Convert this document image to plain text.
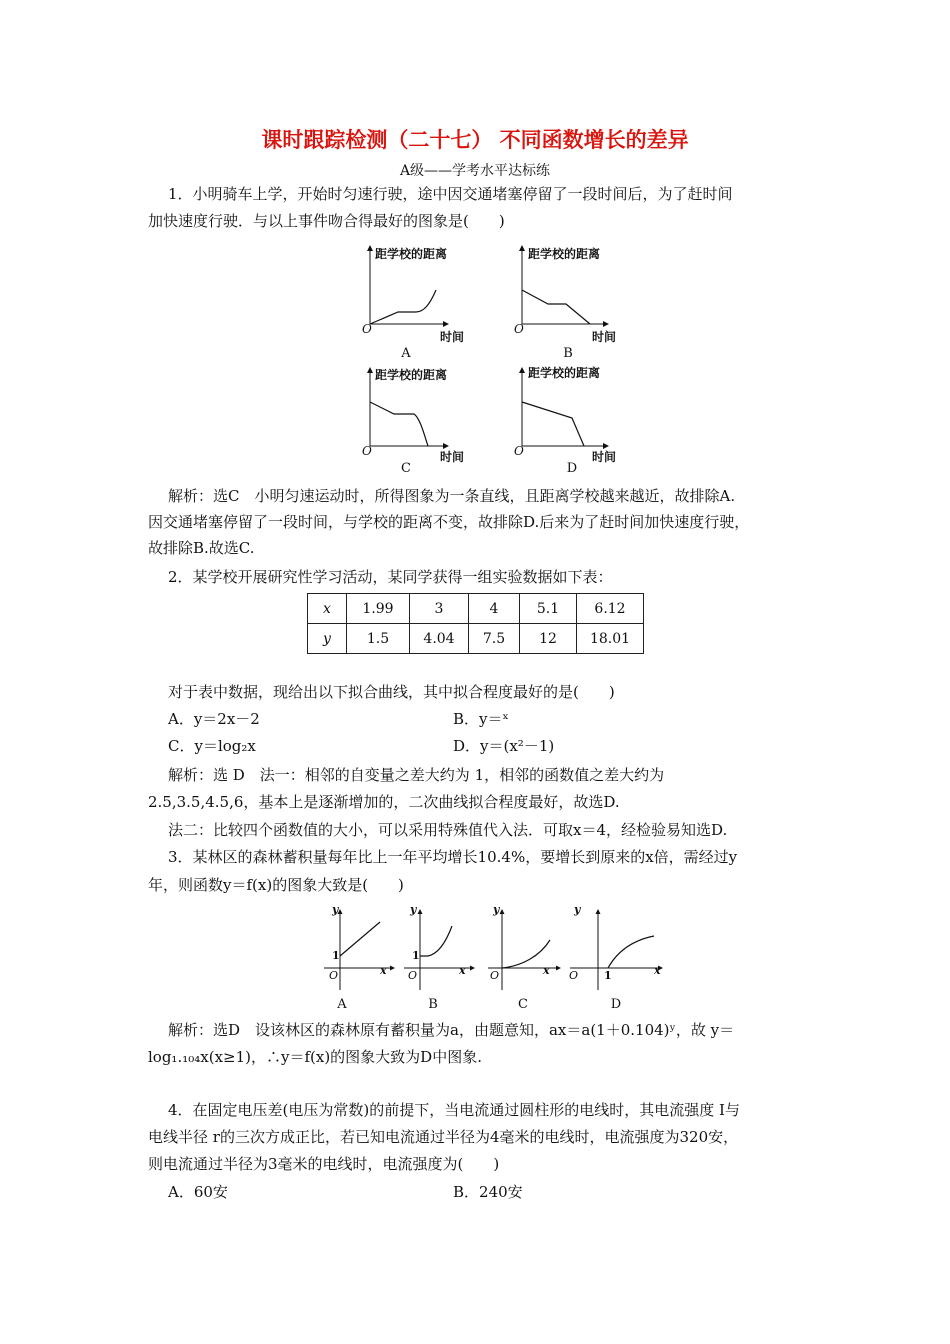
课时跟踪检测（二十七） 不同函数增长的差异
A级——学考水平达标练
1．小明骑车上学，开始时匀速行驶，途中因交通堵塞停留了一段时间后，为了赶时间
加快速度行驶．与以上事件吻合得最好的图象是(　　)
距学校的距离	距学校的距离
距学校的距离	距学校的距离
时间	时间
时间	时间
O	O
O	O
A	B
C	D
解析：选C　小明匀速运动时，所得图象为一条直线，且距离学校越来越近，故排除A.
因交通堵塞停留了一段时间，与学校的距离不变，故排除D.后来为了赶时间加快速度行驶，
故排除B.故选C.
2．某学校开展研究性学习活动，某同学获得一组实验数据如下表：
x	1.99	3	4	5.1	6.12
y	1.5	4.04	7.5	12	18.01
对于表中数据，现给出以下拟合曲线，其中拟合程度最好的是(　　)
A．y＝2x－2	B．y＝ˣ
C．y＝log₂x	D．y＝(x²－1)
解析：选 D　法一：相邻的自变量之差大约为 1，相邻的函数值之差大约为
2.5,3.5,4.5,6，基本上是逐渐增加的，二次曲线拟合程度最好，故选D.
法二：比较四个函数值的大小，可以采用特殊值代入法．可取x＝4，经检验易知选D.
3．某林区的森林蓄积量每年比上一年平均增长10.4%，要增长到原来的x倍，需经过y
年，则函数y＝f(x)的图象大致是(　　)
y	y	y	y
x	x	x	x
O	O	O	O
1	1
1
A	B	C	D
解析：选D　设该林区的森林原有蓄积量为a，由题意知，ax＝a(1＋0.104)ʸ，故 y＝
log₁.₁₀₄x(x≥1)，∴y＝f(x)的图象大致为D中图象.
4．在固定电压差(电压为常数)的前提下，当电流通过圆柱形的电线时，其电流强度 I与
电线半径 r的三次方成正比，若已知电流通过半径为4毫米的电线时，电流强度为320安，
则电流通过半径为3毫米的电线时，电流强度为(　　)
A．60安	B．240安
